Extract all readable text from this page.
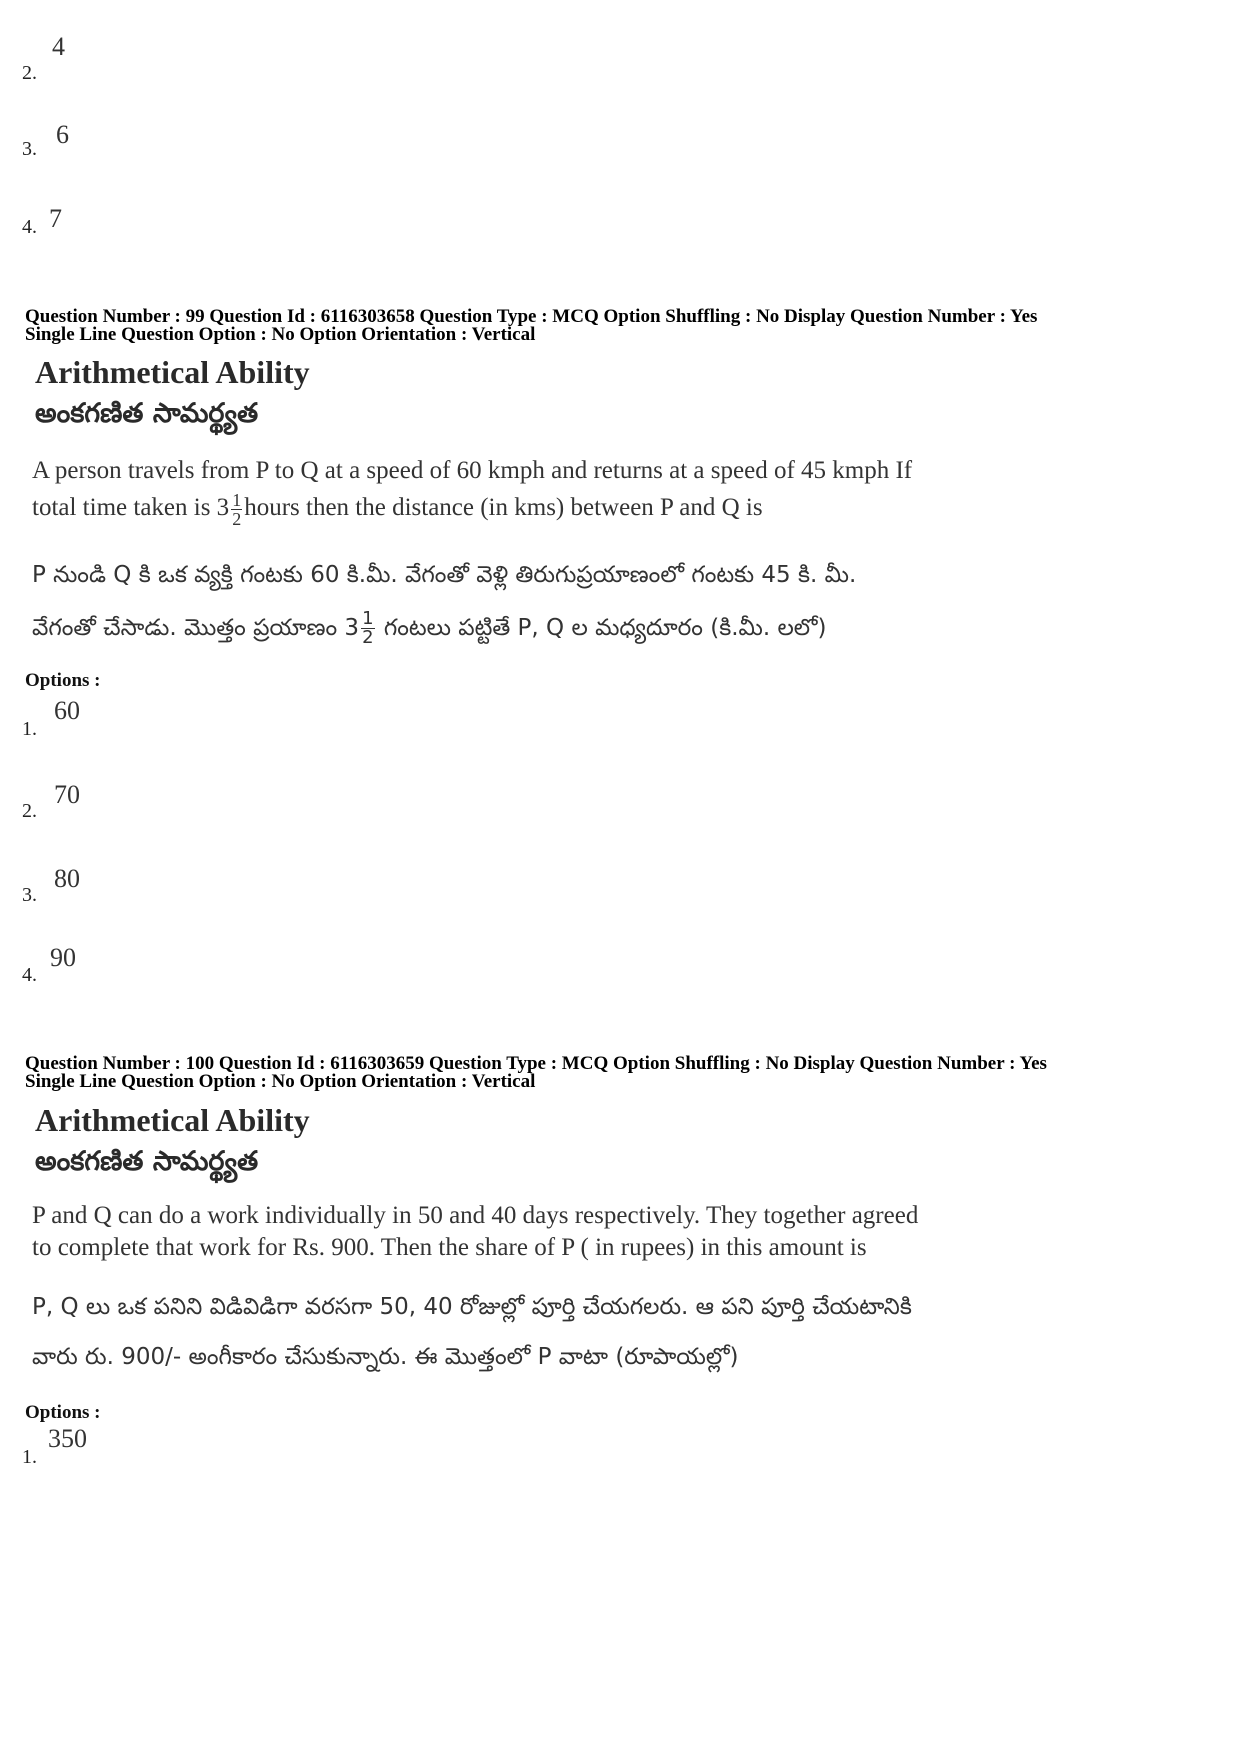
2.
4
3. 6
4. 7
Question Number : 99 Question Id : 6116303658 Question Type : MCQ Option Shuffling : No Display Question Number : Yes
Single Line Question Option : No Option Orientation : Vertical
Arithmetical Ability
అంకగణిత సామర్థ్యత
A person travels from P to Q at a speed of 60 kmph and returns at a speed of 45 kmph If
total time taken is $3 \frac{1}{2}$ hours then the distance (in kms) between P and Q is
P నుండి Q కి ఒక వ్యక్తి గంటకు 60 కి.మీ. వేగంతో వెళ్లి తిరుగుప్రయాణంలో గంటకు 45 కి. మీ.
వేగంతో చేసాడు. మొత్తం ప్రయాణం $3 \frac{1}{2}$ గంటలు పట్టితే P, Q ల మధ్యదూరం (కి.మీ. లలో)
Options :
1.
60
2.
70
3.
80
4.
90
Question Number : 100 Question Id : 6116303659 Question Type : MCQ Option Shuffling : No Display Question Number : Yes
Single Line Question Option : No Option Orientation : Vertical
Arithmetical Ability
అంకగణిత సామర్థ్యత
P and Q can do a work individually in 50 and 40 days respectively. They together agreed
to complete that work for Rs. 900. Then the share of P ( in rupees) in this amount is
P, Q లు ఒక పనిని విడివిడిగా వరసగా 50, 40 రోజుల్లో పూర్తి చేయగలరు. ఆ పని పూర్తి చేయటానికి
వారు రు. 900/- అంగీకారం చేసుకున్నారు. ఈ మొత్తంలో P వాటా (రూపాయల్లో)
Options :
1.
350
